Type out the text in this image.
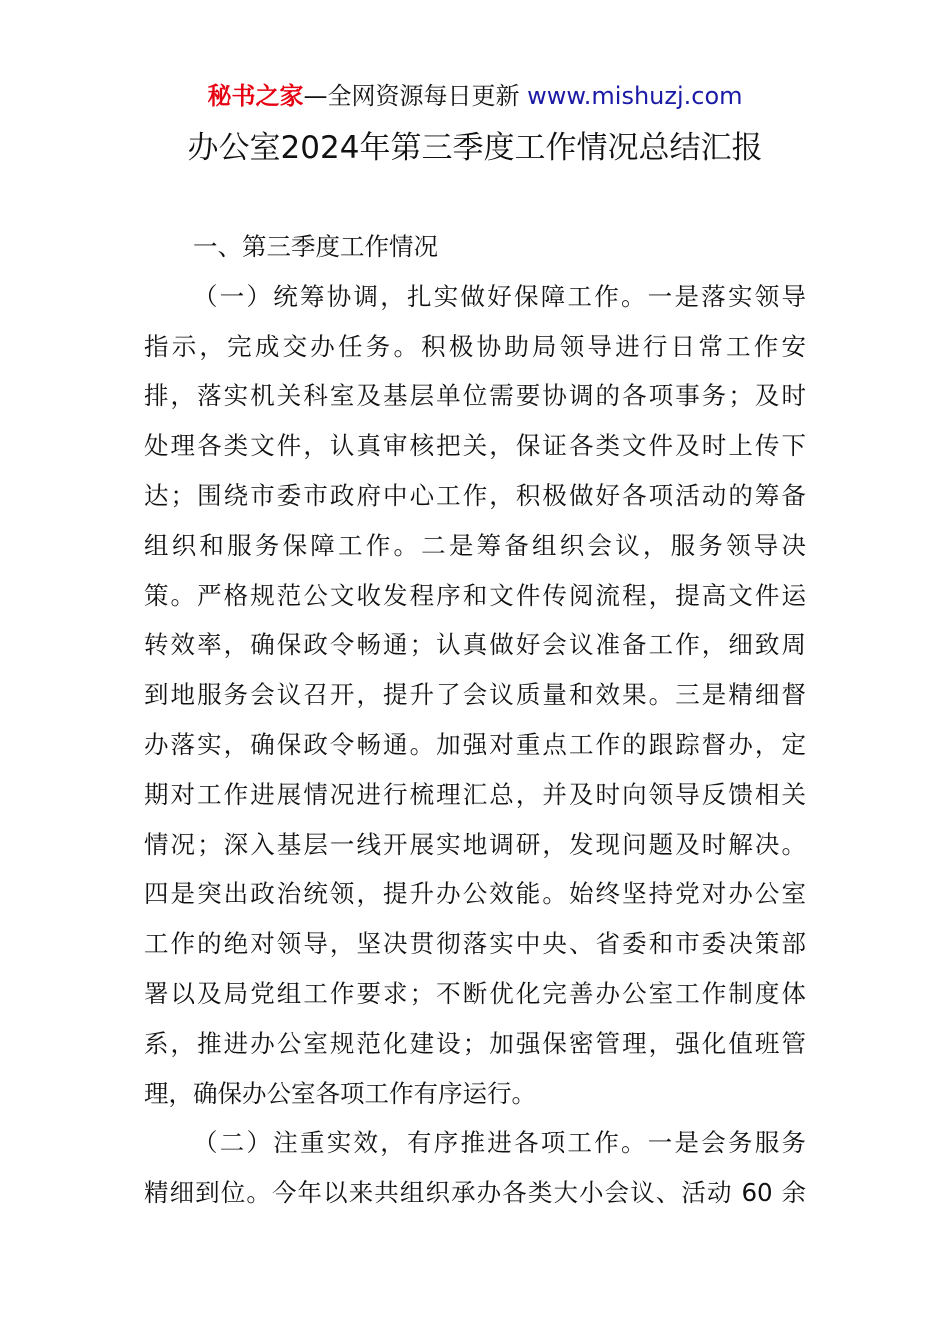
秘书之家—全网资源每日更新 www.mishuzj.com
办公室2024年第三季度工作情况总结汇报
一、第三季度工作情况
（一）统筹协调，扎实做好保障工作。一是落实领导
指示，完成交办任务。积极协助局领导进行日常工作安
排，落实机关科室及基层单位需要协调的各项事务；及时
处理各类文件，认真审核把关，保证各类文件及时上传下
达；围绕市委市政府中心工作，积极做好各项活动的筹备
组织和服务保障工作。二是筹备组织会议，服务领导决
策。严格规范公文收发程序和文件传阅流程，提高文件运
转效率，确保政令畅通；认真做好会议准备工作，细致周
到地服务会议召开，提升了会议质量和效果。三是精细督
办落实，确保政令畅通。加强对重点工作的跟踪督办，定
期对工作进展情况进行梳理汇总，并及时向领导反馈相关
情况；深入基层一线开展实地调研，发现问题及时解决。
四是突出政治统领，提升办公效能。始终坚持党对办公室
工作的绝对领导，坚决贯彻落实中央、省委和市委决策部
署以及局党组工作要求；不断优化完善办公室工作制度体
系，推进办公室规范化建设；加强保密管理，强化值班管
理，确保办公室各项工作有序运行。
（二）注重实效，有序推进各项工作。一是会务服务
精细到位。今年以来共组织承办各类大小会议、活动 60 余
